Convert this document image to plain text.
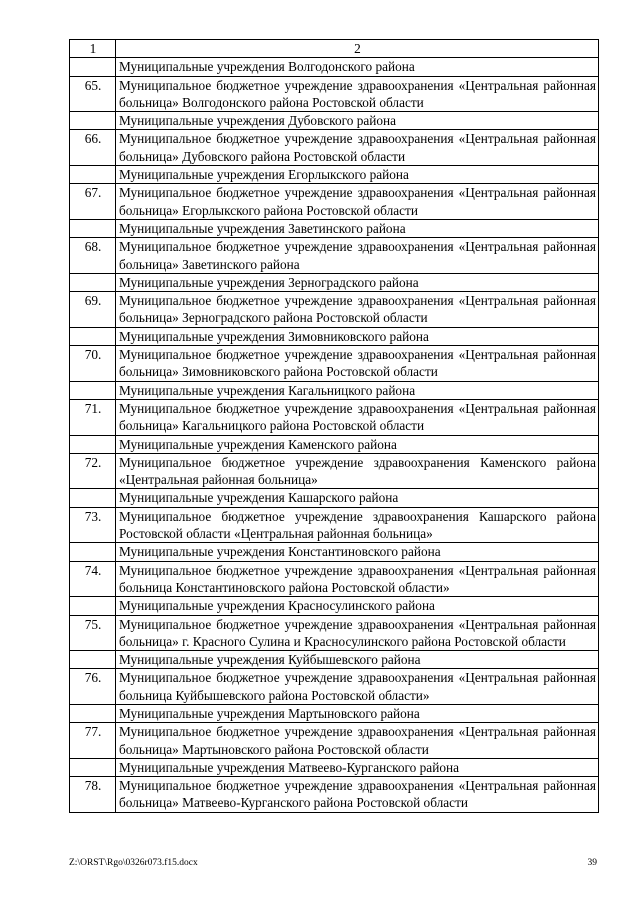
1	2
	Муниципальные учреждения Волгодонского района
65.	Муниципальное бюджетное учреждение здравоохранения «Центральная районная больница» Волгодонского района Ростовской области
	Муниципальные учреждения Дубовского района
66.	Муниципальное бюджетное учреждение здравоохранения «Центральная районная больница» Дубовского района Ростовской области
	Муниципальные учреждения Егорлыкского района
67.	Муниципальное бюджетное учреждение здравоохранения «Центральная районная больница» Егорлыкского района Ростовской области
	Муниципальные учреждения Заветинского района
68.	Муниципальное бюджетное учреждение здравоохранения «Центральная районная больница» Заветинского района
	Муниципальные учреждения Зерноградского района
69.	Муниципальное бюджетное учреждение здравоохранения «Центральная районная больница» Зерноградского района Ростовской области
	Муниципальные учреждения Зимовниковского района
70.	Муниципальное бюджетное учреждение здравоохранения «Центральная районная больница» Зимовниковского района Ростовской области
	Муниципальные учреждения Кагальницкого района
71.	Муниципальное бюджетное учреждение здравоохранения «Центральная районная больница» Кагальницкого района Ростовской области
	Муниципальные учреждения Каменского района
72.	Муниципальное бюджетное учреждение здравоохранения Каменского района «Центральная районная больница»
	Муниципальные учреждения Кашарского района
73.	Муниципальное бюджетное учреждение здравоохранения Кашарского района Ростовской области «Центральная районная больница»
	Муниципальные учреждения Константиновского района
74.	Муниципальное бюджетное учреждение здравоохранения «Центральная районная больница Константиновского района Ростовской области»
	Муниципальные учреждения Красносулинского района
75.	Муниципальное бюджетное учреждение здравоохранения «Центральная районная больница» г. Красного Сулина и Красносулинского района Ростовской области
	Муниципальные учреждения Куйбышевского района
76.	Муниципальное бюджетное учреждение здравоохранения «Центральная районная больница Куйбышевского района Ростовской области»
	Муниципальные учреждения Мартыновского района
77.	Муниципальное бюджетное учреждение здравоохранения «Центральная районная больница» Мартыновского района Ростовской области
	Муниципальные учреждения Матвеево-Курганского района
78.	Муниципальное бюджетное учреждение здравоохранения «Центральная районная больница» Матвеево-Курганского района Ростовской области
Z:\ORST\Rgo\0326r073.f15.docx	39
